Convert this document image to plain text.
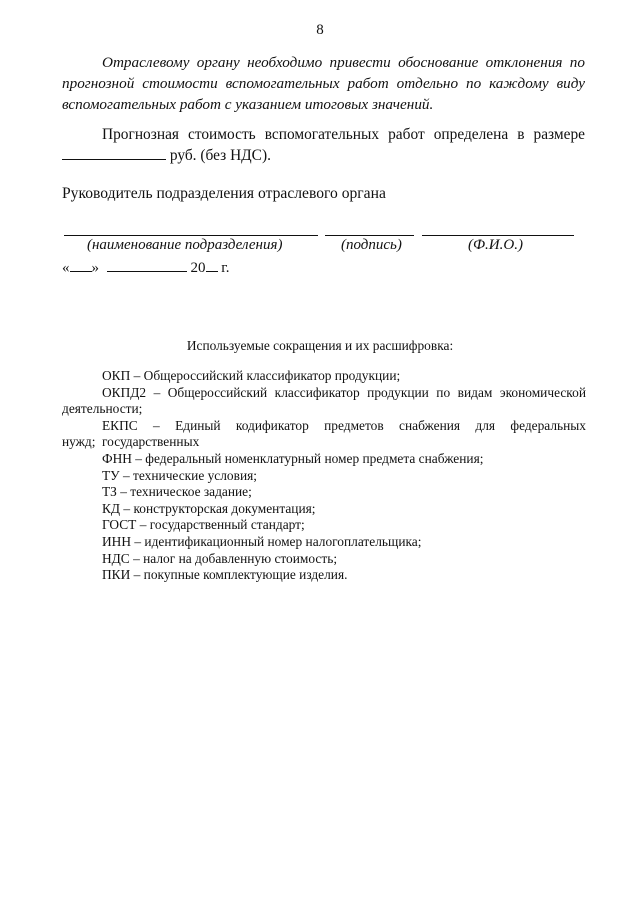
8
Отраслевому органу необходимо привести обоснование отклонения по
прогнозной стоимости вспомогательных работ отдельно по каждому виду
вспомогательных работ с указанием итоговых значений.
Прогнозная стоимость вспомогательных работ определена в размере
руб. (без НДС).
Руководитель подразделения отраслевого органа
(наименование подразделения)	(подпись)	(Ф.И.О.)
« »	20 г.
Используемые сокращения и их расшифровка:
ОКП – Общероссийский классификатор продукции;
ОКПД2 – Общероссийский классификатор продукции по видам экономической
деятельности;
ЕКПС – Единый кодификатор предметов снабжения для федеральных государственных
нужд;
ФНН – федеральный номенклатурный номер предмета снабжения;
ТУ – технические условия;
ТЗ – техническое задание;
КД – конструкторская документация;
ГОСТ – государственный стандарт;
ИНН – идентификационный номер налогоплательщика;
НДС – налог на добавленную стоимость;
ПКИ – покупные комплектующие изделия.
